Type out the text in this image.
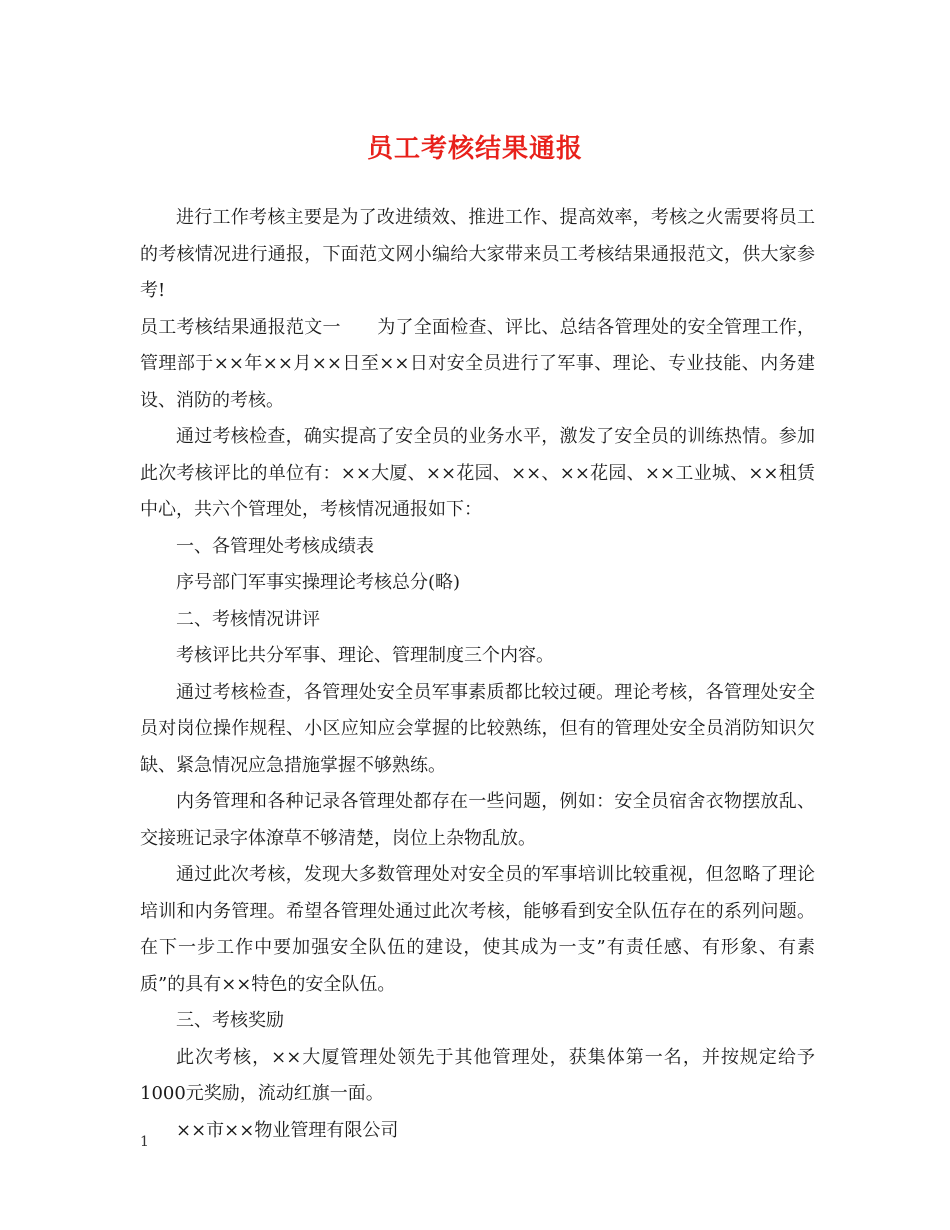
员工考核结果通报

进行工作考核主要是为了改进绩效、推进工作、提高效率，考核之火需要将员工的考核情况进行通报，下面范文网小编给大家带来员工考核结果通报范文，供大家参考!

员工考核结果通报范文一　　为了全面检查、评比、总结各管理处的安全管理工作，管理部于××年××月××日至××日对安全员进行了军事、理论、专业技能、内务建设、消防的考核。

通过考核检查，确实提高了安全员的业务水平，激发了安全员的训练热情。参加此次考核评比的单位有：××大厦、××花园、××、××花园、××工业城、××租赁中心，共六个管理处，考核情况通报如下：

一、各管理处考核成绩表

序号部门军事实操理论考核总分(略)

二、考核情况讲评

考核评比共分军事、理论、管理制度三个内容。

通过考核检查，各管理处安全员军事素质都比较过硬。理论考核，各管理处安全员对岗位操作规程、小区应知应会掌握的比较熟练，但有的管理处安全员消防知识欠缺、紧急情况应急措施掌握不够熟练。

内务管理和各种记录各管理处都存在一些问题，例如：安全员宿舍衣物摆放乱、交接班记录字体潦草不够清楚，岗位上杂物乱放。

通过此次考核，发现大多数管理处对安全员的军事培训比较重视，但忽略了理论培训和内务管理。希望各管理处通过此次考核，能够看到安全队伍存在的系列问题。在下一步工作中要加强安全队伍的建设，使其成为一支”有责任感、有形象、有素质”的具有××特色的安全队伍。

三、考核奖励

此次考核，××大厦管理处领先于其他管理处，获集体第一名，并按规定给予1000元奖励，流动红旗一面。

××市××物业管理有限公司

1
